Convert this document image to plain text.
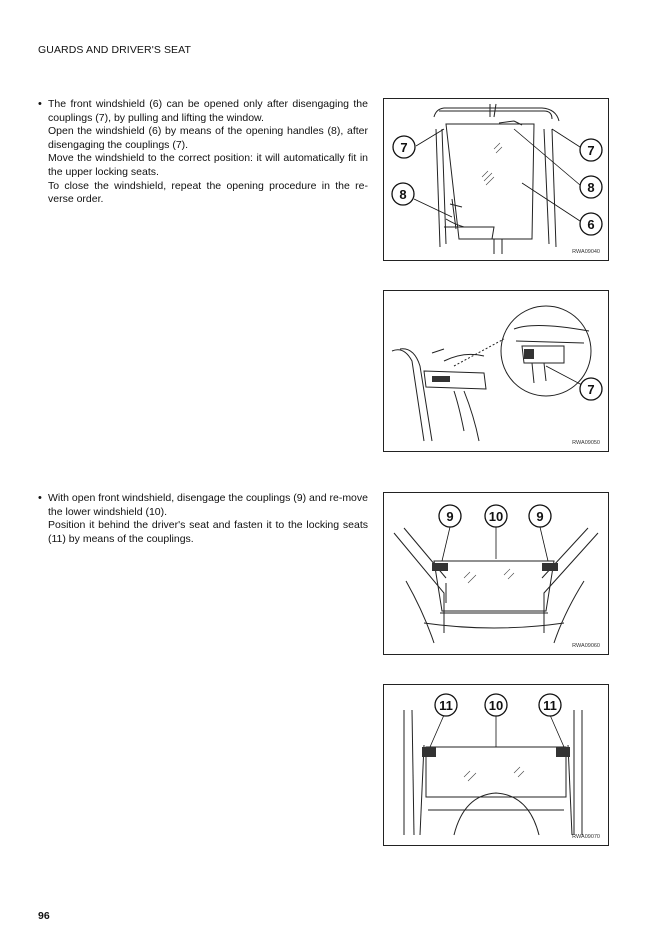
GUARDS AND DRIVER'S SEAT
• The front windshield (6) can be opened only after disengaging the couplings (7), by pulling and lifting the window.

Open the windshield (6) by means of the opening handles (8), after disengaging the couplings (7).

Move the windshield to the correct position: it will automatically fit in the upper locking seats.

To close the windshield, repeat the opening procedure in the re-verse order.

• With open front windshield, disengage the couplings (9) and re-move the lower windshield (10).

Position it behind the driver's seat and fasten it to the locking seats (11) by means of the couplings.

7	7
8	8
6
RWA09040
7
RWA09050
9	10	9
RWA09060
11	10	11
RWA09070
96
